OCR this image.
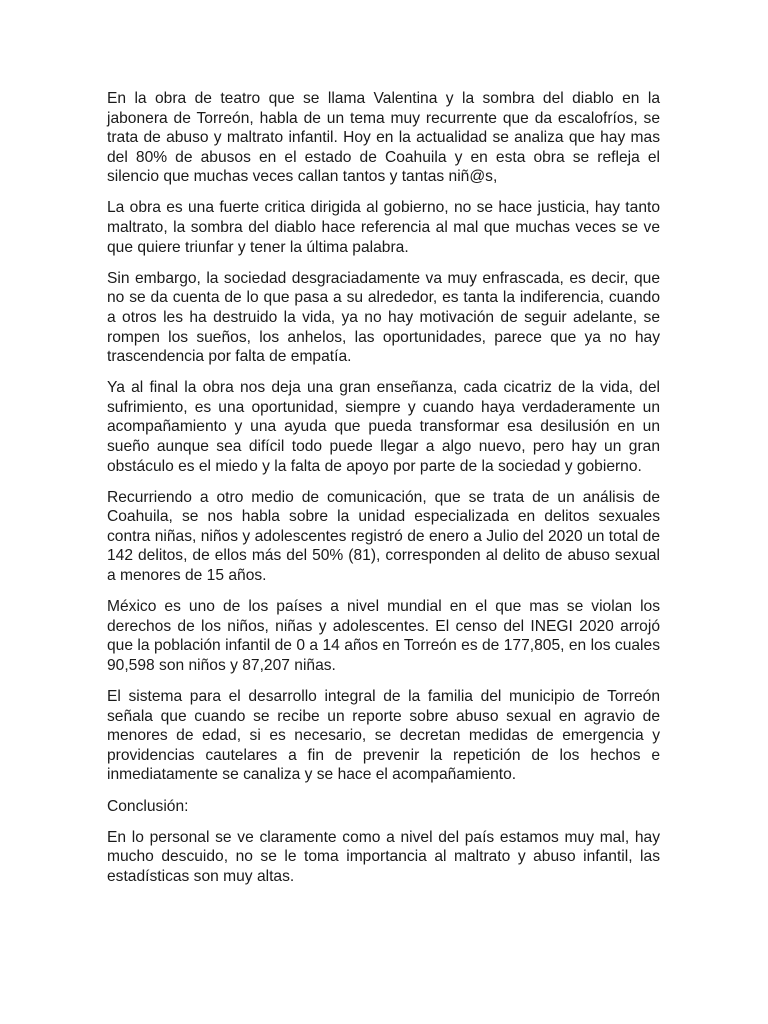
En la obra de teatro que se llama Valentina y la sombra del diablo en la jabonera de Torreón, habla de un tema muy recurrente que da escalofríos, se trata de abuso y maltrato infantil. Hoy en la actualidad se analiza que hay mas del 80% de abusos en el estado de Coahuila y en esta obra se refleja el silencio que muchas veces callan tantos y tantas niñ@s,

La obra es una fuerte critica dirigida al gobierno, no se hace justicia, hay tanto maltrato, la sombra del diablo hace referencia al mal que muchas veces se ve que quiere triunfar y tener la última palabra.

Sin embargo, la sociedad desgraciadamente va muy enfrascada, es decir, que no se da cuenta de lo que pasa a su alrededor, es tanta la indiferencia, cuando a otros les ha destruido la vida, ya no hay motivación de seguir adelante, se rompen los sueños, los anhelos, las oportunidades, parece que ya no hay trascendencia por falta de empatía.

Ya al final la obra nos deja una gran enseñanza, cada cicatriz de la vida, del sufrimiento, es una oportunidad, siempre y cuando haya verdaderamente un acompañamiento y una ayuda que pueda transformar esa desilusión en un sueño aunque sea difícil todo puede llegar a algo nuevo, pero hay un gran obstáculo es el miedo y la falta de apoyo por parte de la sociedad y gobierno.

Recurriendo a otro medio de comunicación, que se trata de un análisis de Coahuila, se nos habla sobre la unidad especializada en delitos sexuales contra niñas, niños y adolescentes registró de enero a Julio del 2020 un total de 142 delitos, de ellos más del 50% (81), corresponden al delito de abuso sexual a menores de 15 años.

México es uno de los países a nivel mundial en el que mas se violan los derechos de los niños, niñas y adolescentes. El censo del INEGI 2020 arrojó que la población infantil de 0 a 14 años en Torreón es de 177,805, en los cuales 90,598 son niños y 87,207 niñas.

El sistema para el desarrollo integral de la familia del municipio de Torreón señala que cuando se recibe un reporte sobre abuso sexual en agravio de menores de edad, si es necesario, se decretan medidas de emergencia y providencias cautelares a fin de prevenir la repetición de los hechos e inmediatamente se canaliza y se hace el acompañamiento.

Conclusión:

En lo personal se ve claramente como a nivel del país estamos muy mal, hay mucho descuido, no se le toma importancia al maltrato y abuso infantil, las estadísticas son muy altas.
